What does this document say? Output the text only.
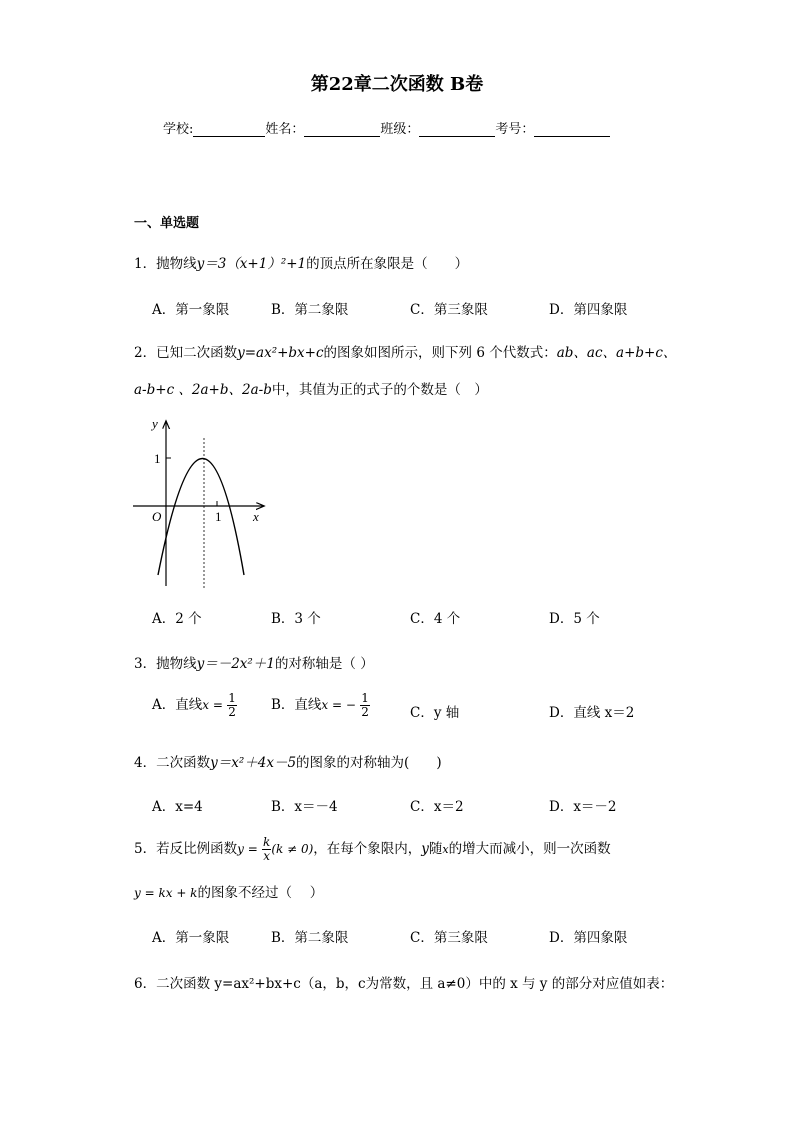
第22章二次函数 B卷
学校:	姓名：	班级：	考号：
一、单选题
1．抛物线y＝3（x+1）²+1的顶点所在象限是（　　）
A．第一象限	B．第二象限	C．第三象限	D．第四象限
2．已知二次函数y=ax²+bx+c的图象如图所示，则下列 6 个代数式：ab、ac、a+b+c、
a-b+c 、2a+b、2a-b中，其值为正的式子的个数是（　）
y
1
O	1 x
A．2 个	B．3 个	C．4 个	D．5 个
3．抛物线y＝－2x²＋1的对称轴是（ ）
A．直线$x = \frac{1}{2}$	B．直线x = − $\frac{1}{2}$	C．y 轴	D．直线 x＝2
4．二次函数y＝x²＋4x－5的图象的对称轴为(　　)
A．x=4	B．x＝－4	C．x＝2	D．x＝－2
5．若反比例函数$y = \frac{k}{x} (k \ne 0)$，在每个象限内，y随x的增大而减小，则一次函数
y = kx + k的图象不经过（　 ）
A．第一象限	B．第二象限	C．第三象限	D．第四象限
6．二次函数 y=ax²+bx+c（a，b，c为常数，且 a≠0）中的 x 与 y 的部分对应值如表：
